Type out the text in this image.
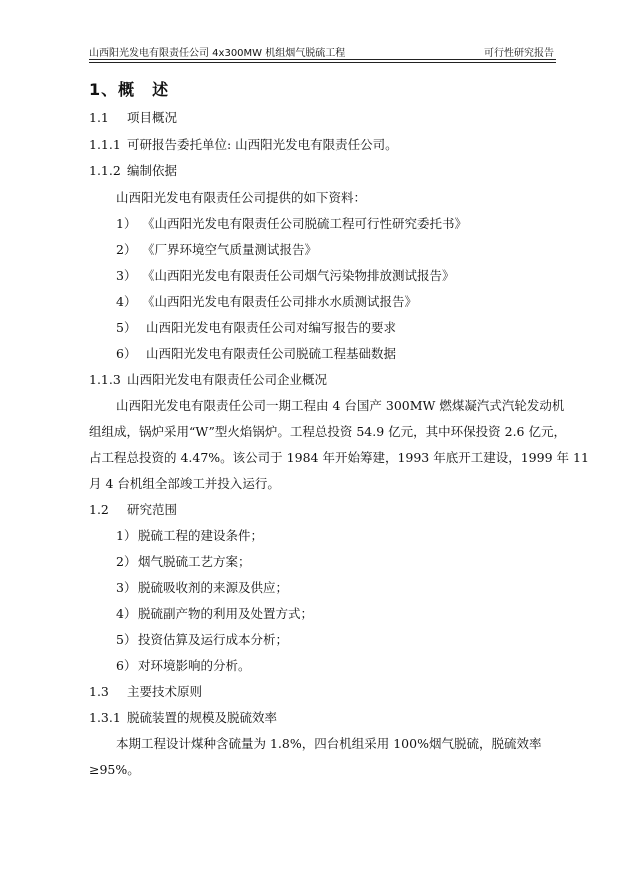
山西阳光发电有限责任公司 4x300MW 机组烟气脱硫工程	可行性研究报告
1、概　述
1.1 项目概况
1.1.1 可研报告委托单位: 山西阳光发电有限责任公司。
1.1.2 编制依据
山西阳光发电有限责任公司提供的如下资料：
1） 《山西阳光发电有限责任公司脱硫工程可行性研究委托书》
2） 《厂界环境空气质量测试报告》
3） 《山西阳光发电有限责任公司烟气污染物排放测试报告》
4） 《山西阳光发电有限责任公司排水水质测试报告》
5） 山西阳光发电有限责任公司对编写报告的要求
6） 山西阳光发电有限责任公司脱硫工程基础数据
1.1.3 山西阳光发电有限责任公司企业概况
山西阳光发电有限责任公司一期工程由 4 台国产 300MW 燃煤凝汽式汽轮发动机
组组成，锅炉采用“W”型火焰锅炉。工程总投资 54.9 亿元，其中环保投资 2.6 亿元，
占工程总投资的 4.47%。该公司于 1984 年开始筹建，1993 年底开工建设，1999 年 11
月 4 台机组全部竣工并投入运行。
1.2 研究范围
1） 脱硫工程的建设条件；
2） 烟气脱硫工艺方案；
3） 脱硫吸收剂的来源及供应；
4） 脱硫副产物的利用及处置方式；
5） 投资估算及运行成本分析；
6） 对环境影响的分析。
1.3 主要技术原则
1.3.1 脱硫装置的规模及脱硫效率
本期工程设计煤种含硫量为 1.8%，四台机组采用 100%烟气脱硫，脱硫效率
≥95%。
